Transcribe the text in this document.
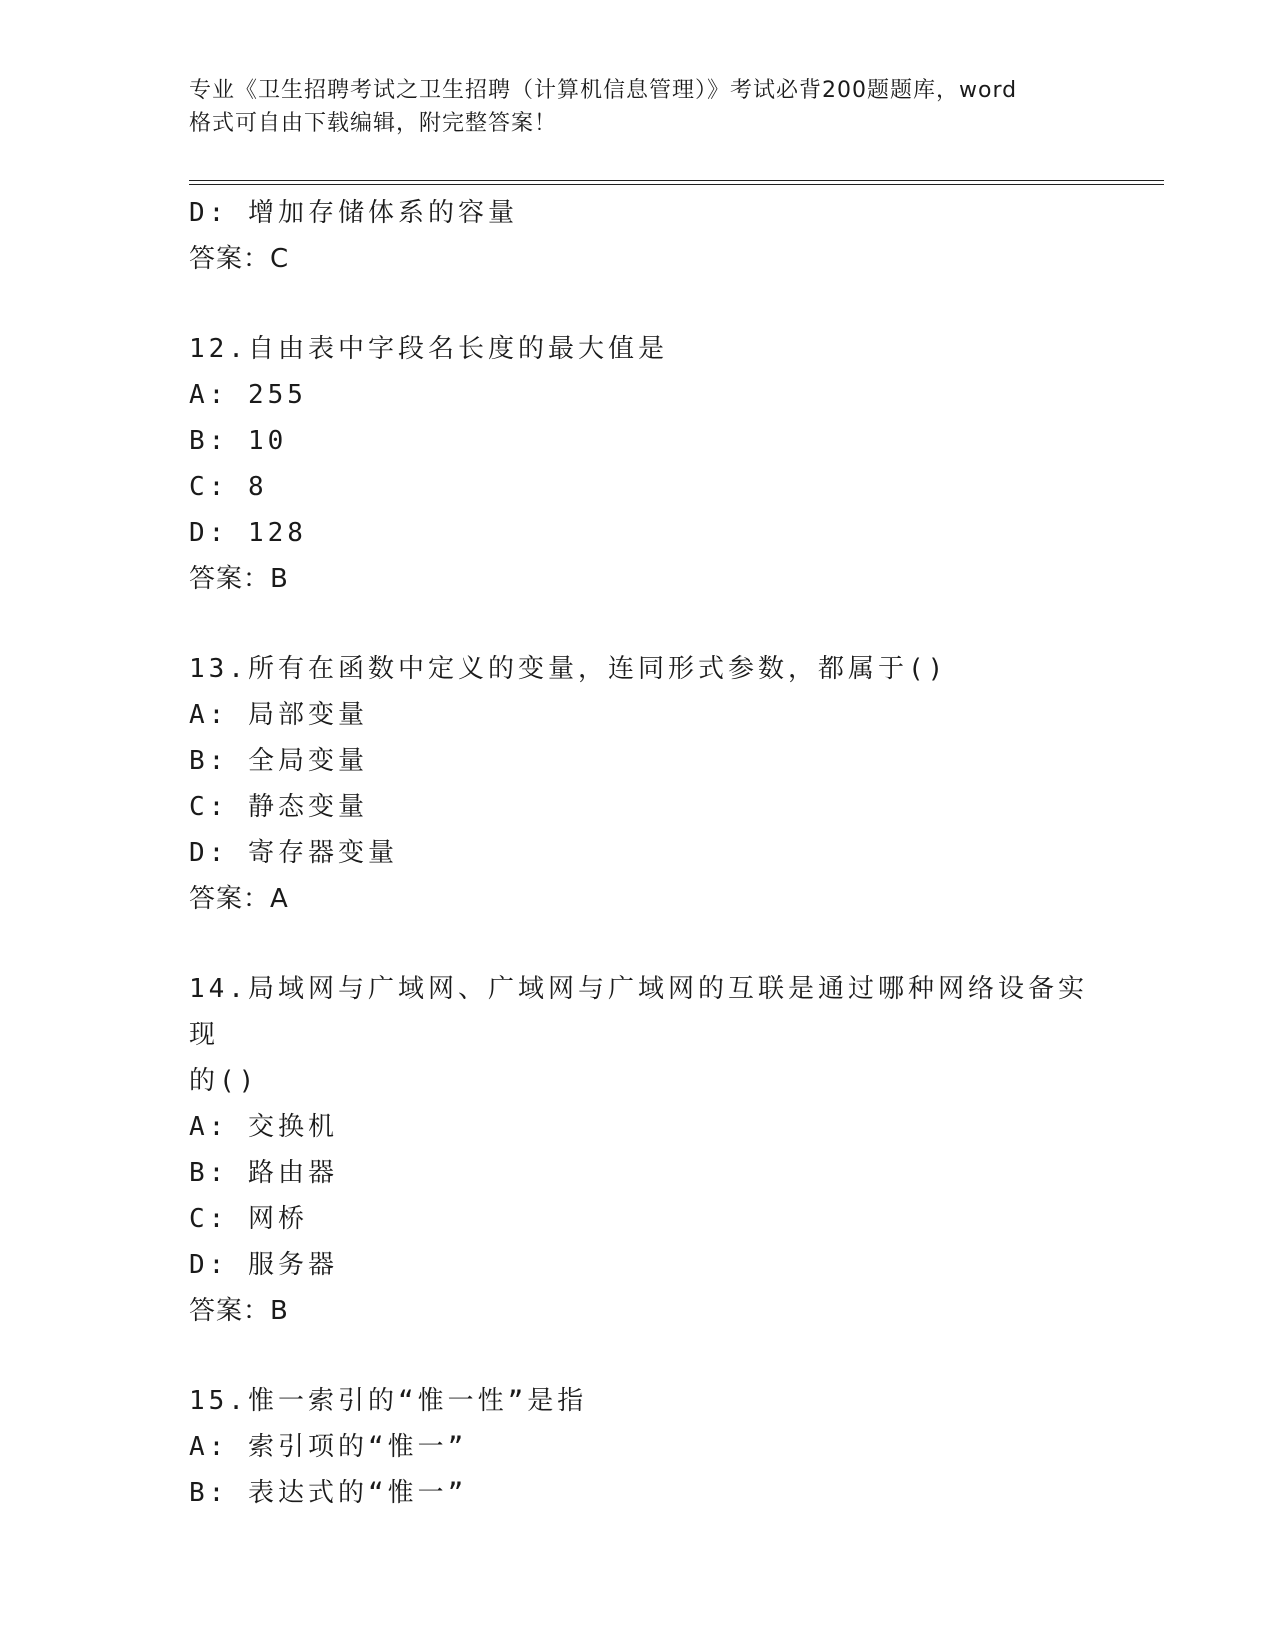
专业《卫生招聘考试之卫生招聘（计算机信息管理）》考试必背200题题库，word
格式可自由下载编辑，附完整答案！
D: 增加存储体系的容量
答案：C
12.自由表中字段名长度的最大值是
A: 255
B: 10
C: 8
D: 128
答案：B
13.所有在函数中定义的变量，连同形式参数，都属于()
A: 局部变量
B: 全局变量
C: 静态变量
D: 寄存器变量
答案：A
14.局域网与广域网、广域网与广域网的互联是通过哪种网络设备实现
的()
A: 交换机
B: 路由器
C: 网桥
D: 服务器
答案：B
15.惟一索引的“惟一性”是指
A: 索引项的“惟一”
B: 表达式的“惟一”
